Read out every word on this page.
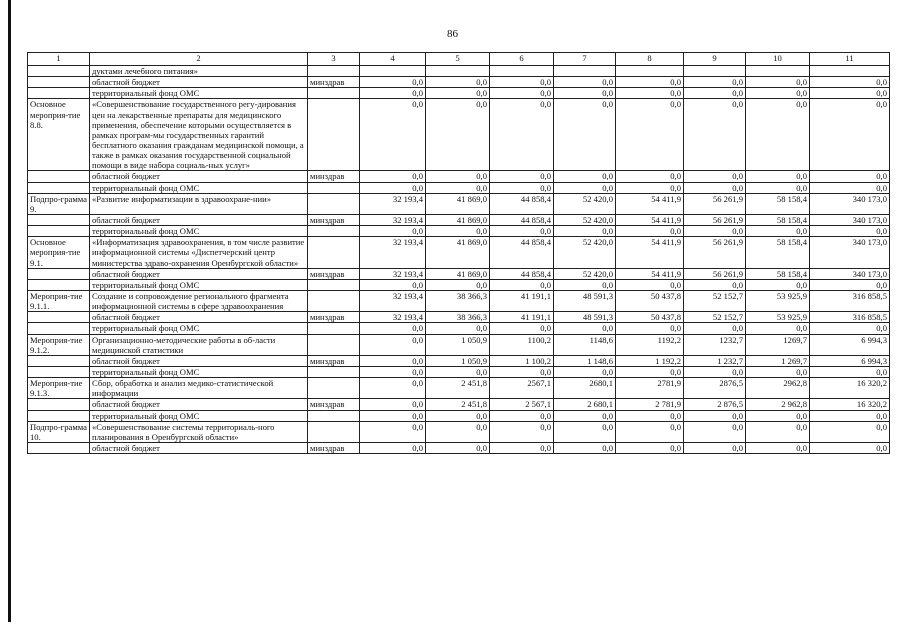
86
1	2	3	4	5	6	7	8	9	10	11
	дуктами лечебного питания»									
	областной бюджет	минздрав	0,0	0,0	0,0	0,0	0,0	0,0	0,0	0,0
	территориальный фонд ОМС		0,0	0,0	0,0	0,0	0,0	0,0	0,0	0,0
Основное мероприя-тие 8.8.	«Совершенствование государственного регу-дирования цен на лекарственные препараты для медицинского применения, обеспечение которыми осуществляется в рамках програм-мы государственных гарантий бесплатного оказания гражданам медицинской помощи, а также в рамках оказания государственной социальной помощи в виде набора социаль-ных услуг»		0,0	0,0	0,0	0,0	0,0	0,0	0,0	0,0
	областной бюджет	минздрав	0,0	0,0	0,0	0,0	0,0	0,0	0,0	0,0
	территориальный фонд ОМС		0,0	0,0	0,0	0,0	0,0	0,0	0,0	0,0
Подпро-грамма 9.	«Развитие информатизации в здравоохране-нии»		32 193,4	41 869,0	44 858,4	52 420,0	54 411,9	56 261,9	58 158,4	340 173,0
	областной бюджет	минздрав	32 193,4	41 869,0	44 858,4	52 420,0	54 411,9	56 261,9	58 158,4	340 173,0
	территориальный фонд ОМС		0,0	0,0	0,0	0,0	0,0	0,0	0,0	0,0
Основное мероприя-тие 9.1.	«Информатизация здравоохранения, в том числе развитие информационной системы «Диспетчерский центр министерства здраво-охранения Оренбургской области»		32 193,4	41 869,0	44 858,4	52 420,0	54 411,9	56 261,9	58 158,4	340 173,0
	областной бюджет	минздрав	32 193,4	41 869,0	44 858,4	52 420,0	54 411,9	56 261,9	58 158,4	340 173,0
	территориальный фонд ОМС		0,0	0,0	0,0	0,0	0,0	0,0	0,0	0,0
Мероприя-тие 9.1.1.	Создание и сопровождение регионального фрагмента информационной системы в сфере здравоохранения		32 193,4	38 366,3	41 191,1	48 591,3	50 437,8	52 152,7	53 925,9	316 858,5
	областной бюджет	минздрав	32 193,4	38 366,3	41 191,1	48 591,3	50 437,8	52 152,7	53 925,9	316 858,5
	территориальный фонд ОМС		0,0	0,0	0,0	0,0	0,0	0,0	0,0	0,0
Мероприя-тие 9.1.2.	Организационно-методические работы в об-ласти медицинской статистики		0,0	1 050,9	1100,2	1148,6	1192,2	1232,7	1269,7	6 994,3
	областной бюджет	минздрав	0,0	1 050,9	1 100,2	1 148,6	1 192,2	1 232,7	1 269,7	6 994,3
	территориальный фонд ОМС		0,0	0,0	0,0	0,0	0,0	0,0	0,0	0,0
Мероприя-тие 9.1.3.	Сбор, обработка и анализ медико-статистической информации		0,0	2 451,8	2567,1	2680,1	2781,9	2876,5	2962,8	16 320,2
	областной бюджет	минздрав	0,0	2 451,8	2 567,1	2 680,1	2 781,9	2 876,5	2 962,8	16 320,2
	территориальный фонд ОМС		0,0	0,0	0,0	0,0	0,0	0,0	0,0	0,0
Подпро-грамма 10.	«Совершенствование системы территориаль-ного планирования в Оренбургской области»		0,0	0,0	0,0	0,0	0,0	0,0	0,0	0,0
	областной бюджет	минздрав	0,0	0,0	0,0	0,0	0,0	0,0	0,0	0,0
